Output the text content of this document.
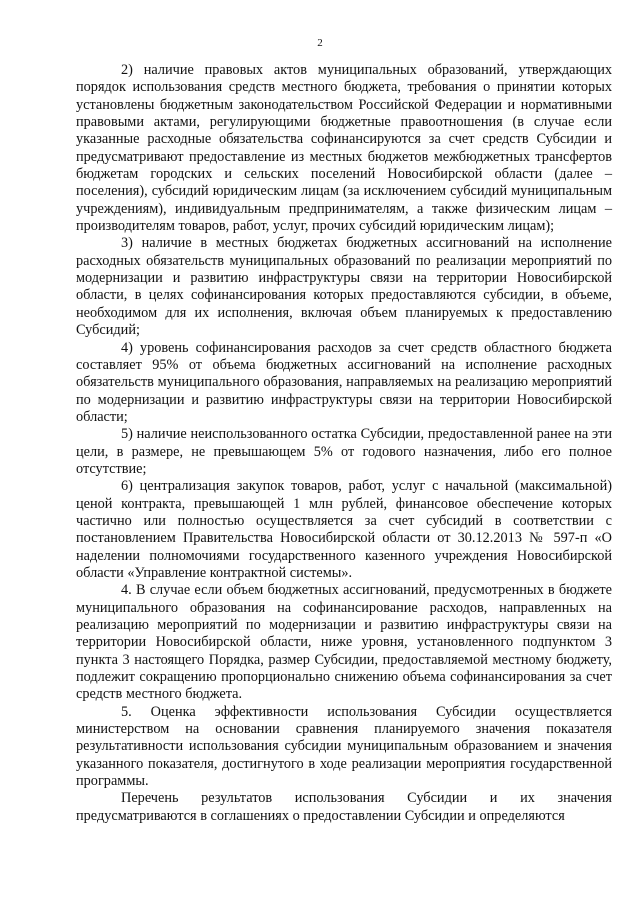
2

2) наличие правовых актов муниципальных образований, утверждающих порядок использования средств местного бюджета, требования о принятии которых установлены бюджетным законодательством Российской Федерации и нормативными правовыми актами, регулирующими бюджетные правоотношения (в случае если указанные расходные обязательства софинансируются за счет средств Субсидии и предусматривают предоставление из местных бюджетов межбюджетных трансфертов бюджетам городских и сельских поселений Новосибирской области (далее – поселения), субсидий юридическим лицам (за исключением субсидий муниципальным учреждениям), индивидуальным предпринимателям, а также физическим лицам – производителям товаров, работ, услуг, прочих субсидий юридическим лицам);

3) наличие в местных бюджетах бюджетных ассигнований на исполнение расходных обязательств муниципальных образований по реализации мероприятий по модернизации и развитию инфраструктуры связи на территории Новосибирской области, в целях софинансирования которых предоставляются субсидии, в объеме, необходимом для их исполнения, включая объем планируемых к предоставлению Субсидий;

4) уровень софинансирования расходов за счет средств областного бюджета составляет 95% от объема бюджетных ассигнований на исполнение расходных обязательств муниципального образования, направляемых на реализацию мероприятий по модернизации и развитию инфраструктуры связи на территории Новосибирской области;

5) наличие неиспользованного остатка Субсидии, предоставленной ранее на эти цели, в размере, не превышающем 5% от годового назначения, либо его полное отсутствие;

6) централизация закупок товаров, работ, услуг с начальной (максимальной) ценой контракта, превышающей 1 млн рублей, финансовое обеспечение которых частично или полностью осуществляется за счет субсидий в соответствии с постановлением Правительства Новосибирской области от 30.12.2013 № 597-п «О наделении полномочиями государственного казенного учреждения Новосибирской области «Управление контрактной системы».

4. В случае если объем бюджетных ассигнований, предусмотренных в бюджете муниципального образования на софинансирование расходов, направленных на реализацию мероприятий по модернизации и развитию инфраструктуры связи на территории Новосибирской области, ниже уровня, установленного подпунктом 3 пункта 3 настоящего Порядка, размер Субсидии, предоставляемой местному бюджету, подлежит сокращению пропорционально снижению объема софинансирования за счет средств местного бюджета.

5. Оценка эффективности использования Субсидии осуществляется министерством на основании сравнения планируемого значения показателя результативности использования субсидии муниципальным образованием и значения указанного показателя, достигнутого в ходе реализации мероприятия государственной программы.

Перечень результатов использования Субсидии и их значения предусматриваются в соглашениях о предоставлении Субсидии и определяются
